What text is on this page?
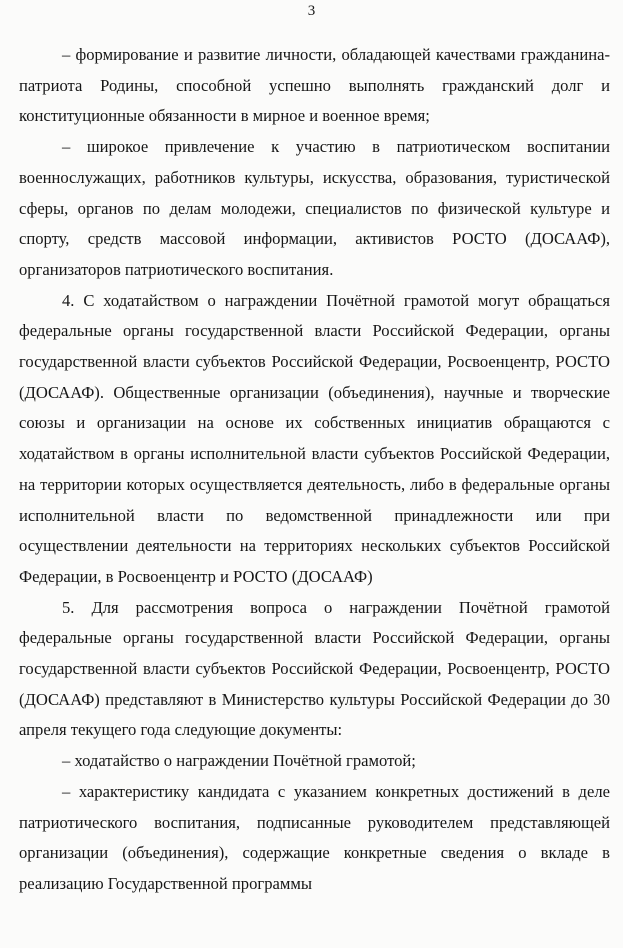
3

– формирование и развитие личности, обладающей качествами гражданина-патриота Родины, способной успешно выполнять гражданский долг и конституционные обязанности в мирное и военное время;

– широкое привлечение к участию в патриотическом воспитании военнослужащих, работников культуры, искусства, образования, туристической сферы, органов по делам молодежи, специалистов по физической культуре и спорту, средств массовой информации, активистов РОСТО (ДОСААФ), организаторов патриотического воспитания.

4. С ходатайством о награждении Почётной грамотой могут обращаться федеральные органы государственной власти Российской Федерации, органы государственной власти субъектов Российской Федерации, Росвоенцентр, РОСТО (ДОСААФ). Общественные организации (объединения), научные и творческие союзы и организации на основе их собственных инициатив обращаются с ходатайством в органы исполнительной власти субъектов Российской Федерации, на территории которых осуществляется деятельность, либо в федеральные органы исполнительной власти по ведомственной принадлежности или при осуществлении деятельности на территориях нескольких субъектов Российской Федерации, в Росвоенцентр и РОСТО (ДОСААФ)

5. Для рассмотрения вопроса о награждении Почётной грамотой федеральные органы государственной власти Российской Федерации, органы государственной власти субъектов Российской Федерации, Росвоенцентр, РОСТО (ДОСААФ) представляют в Министерство культуры Российской Федерации до 30 апреля текущего года следующие документы:

– ходатайство о награждении Почётной грамотой;

– характеристику кандидата с указанием конкретных достижений в деле патриотического воспитания, подписанные руководителем представляющей организации (объединения), содержащие конкретные сведения о вкладе в реализацию Государственной программы
